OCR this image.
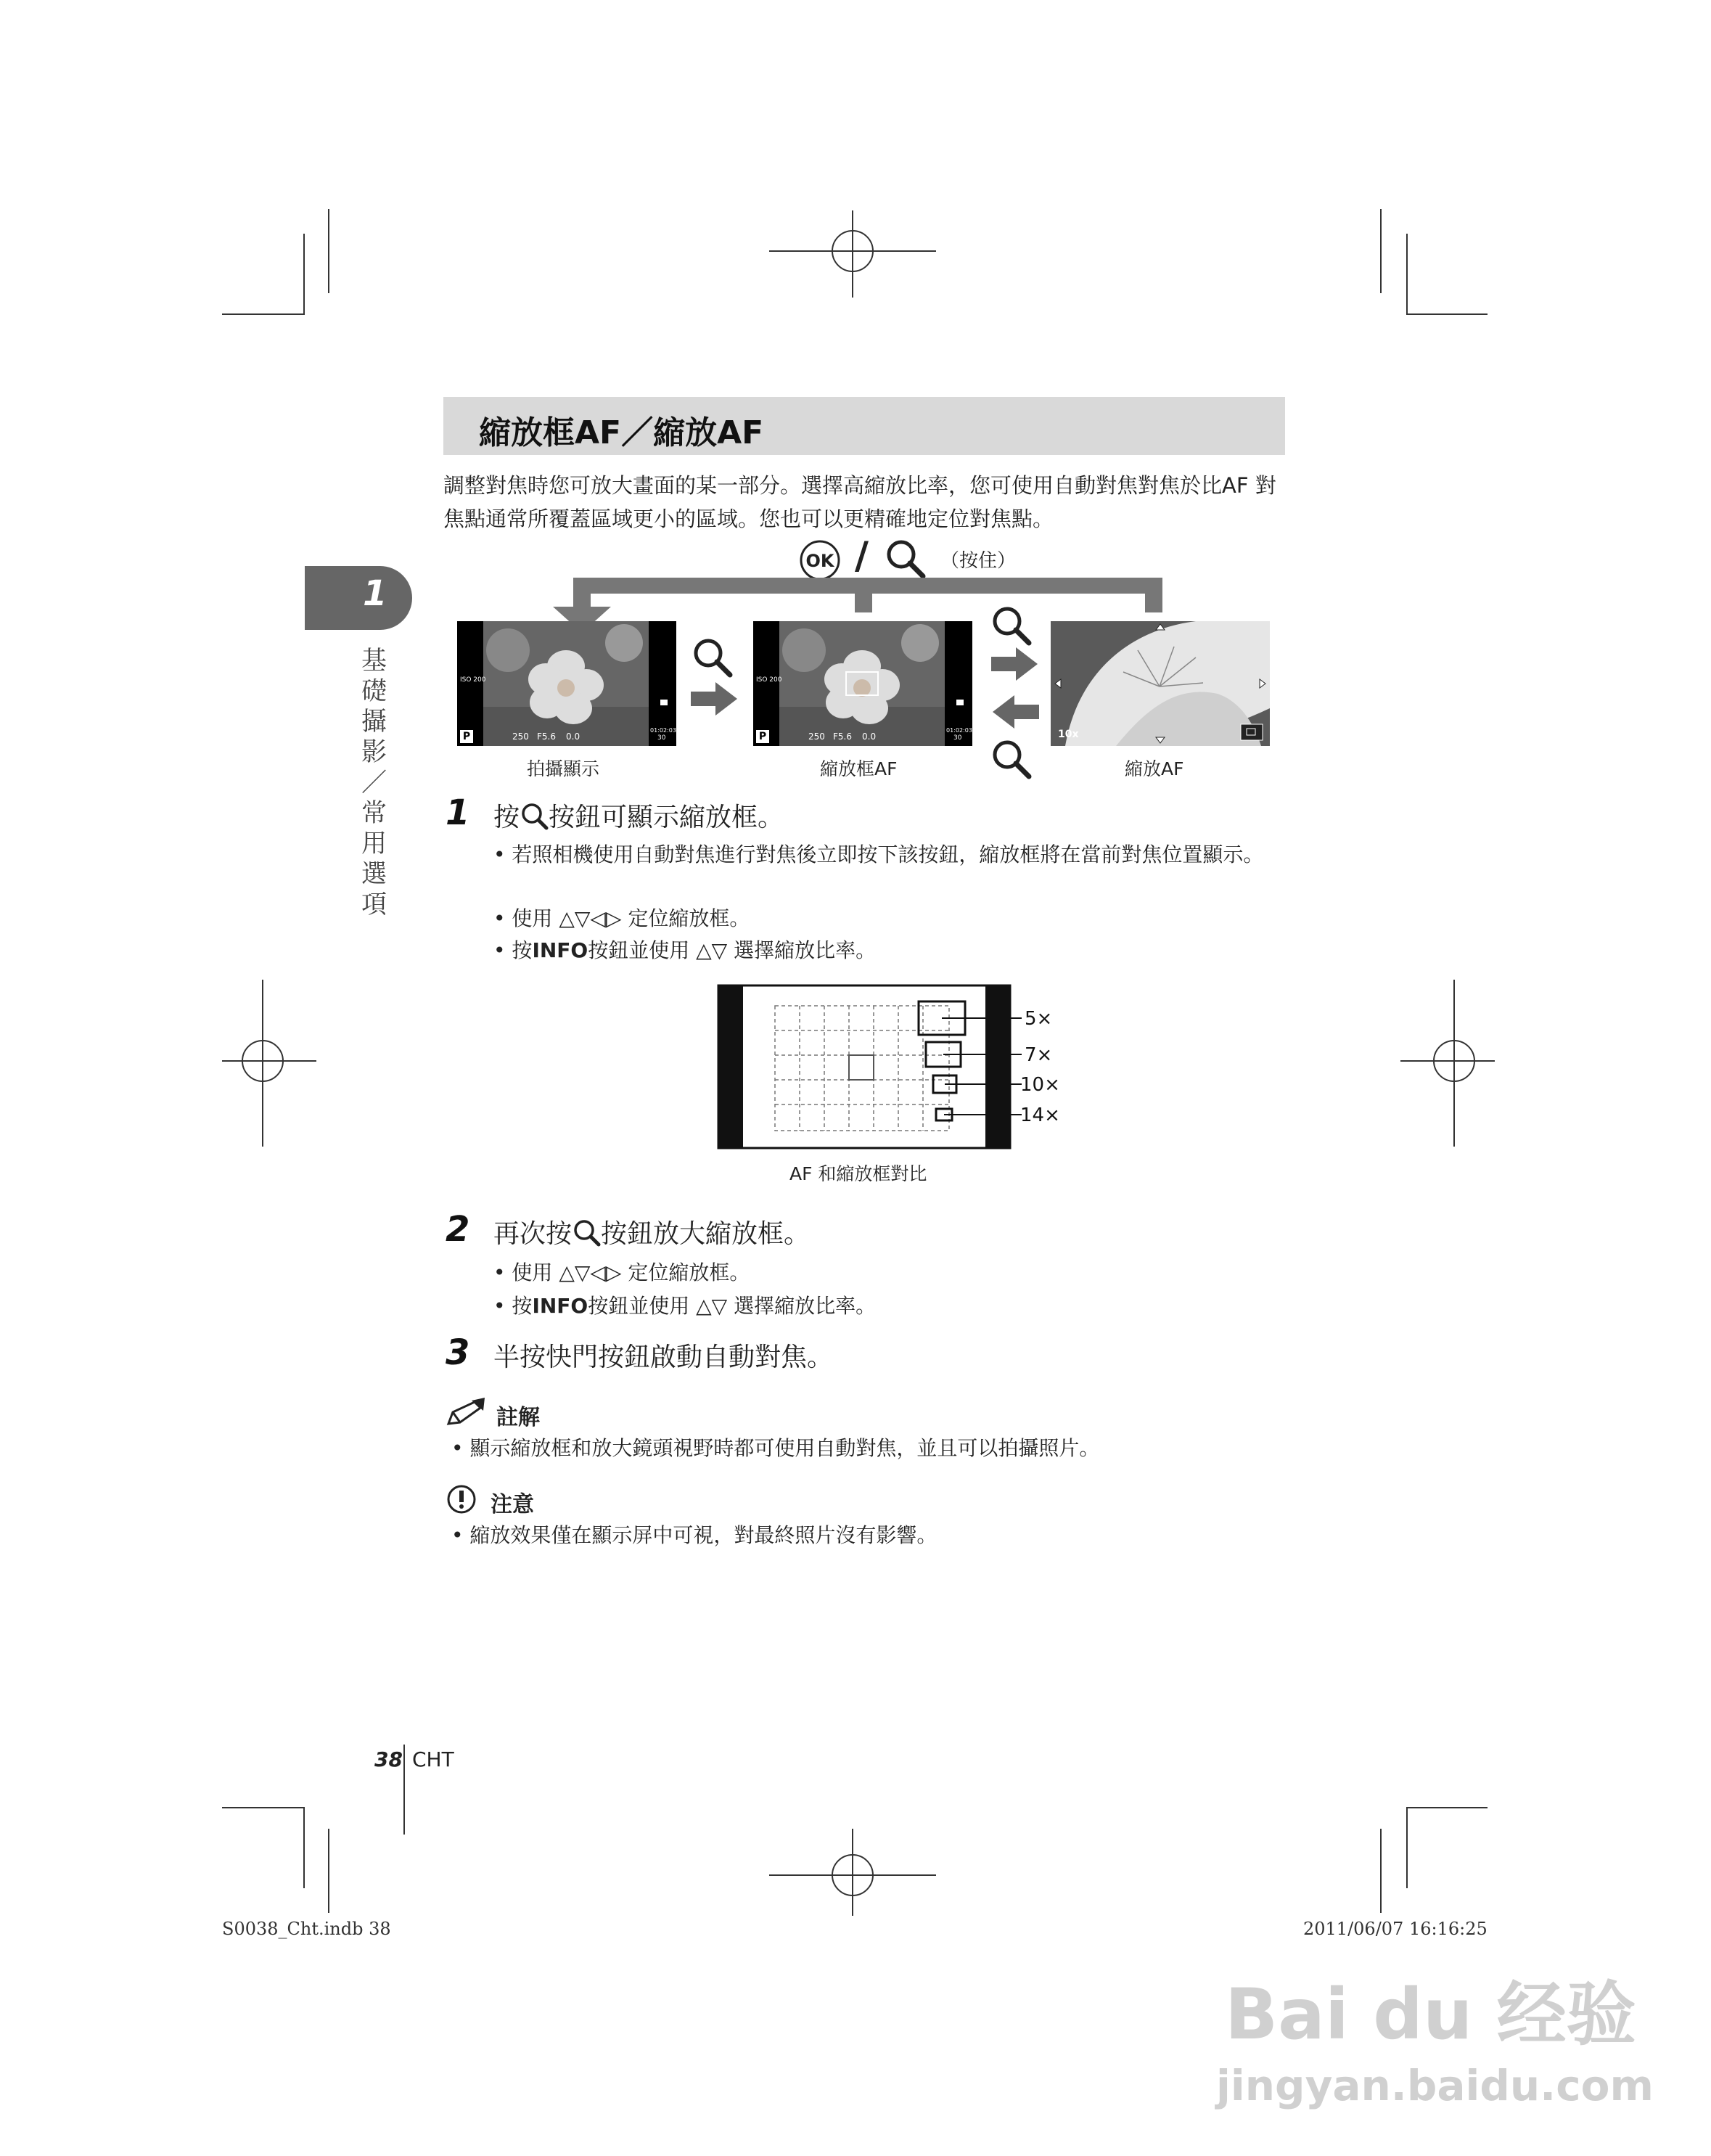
縮放框AF／縮放AF
調整對焦時您可放大畫面的某一部分。選擇高縮放比率，您可使用自動對焦對焦於比AF 對焦點通常所覆蓋區域更小的區域。您也可以更精確地定位對焦點。
1
基礎攝影／常用選項
OK /	（按住）
P
ISO 200
250 F5.6 0.0
01:02:03
30
拍攝顯示
P
ISO 200
250 F5.6 0.0
01:02:03
30
縮放框AF
10x
縮放AF
1 按 按鈕可顯示縮放框。
• 若照相機使用自動對焦進行對焦後立即按下該按鈕，縮放框將在當前對焦位置顯示。
• 使用 △▽◁▷ 定位縮放框。
• 按INFO按鈕並使用 △▽ 選擇縮放比率。
5×
7×
10×
14×
AF 和縮放框對比
2 再次按 按鈕放大縮放框。
• 使用 △▽◁▷ 定位縮放框。
• 按INFO按鈕並使用 △▽ 選擇縮放比率。
3 半按快門按鈕啟動自動對焦。
註解
• 顯示縮放框和放大鏡頭視野時都可使用自動對焦，並且可以拍攝照片。
注意
• 縮放效果僅在顯示屏中可視，對最終照片沒有影響。
38 CHT
S0038_Cht.indb 38	2011/06/07 16:16:25
Bai du 经验
jingyan.baidu.com
